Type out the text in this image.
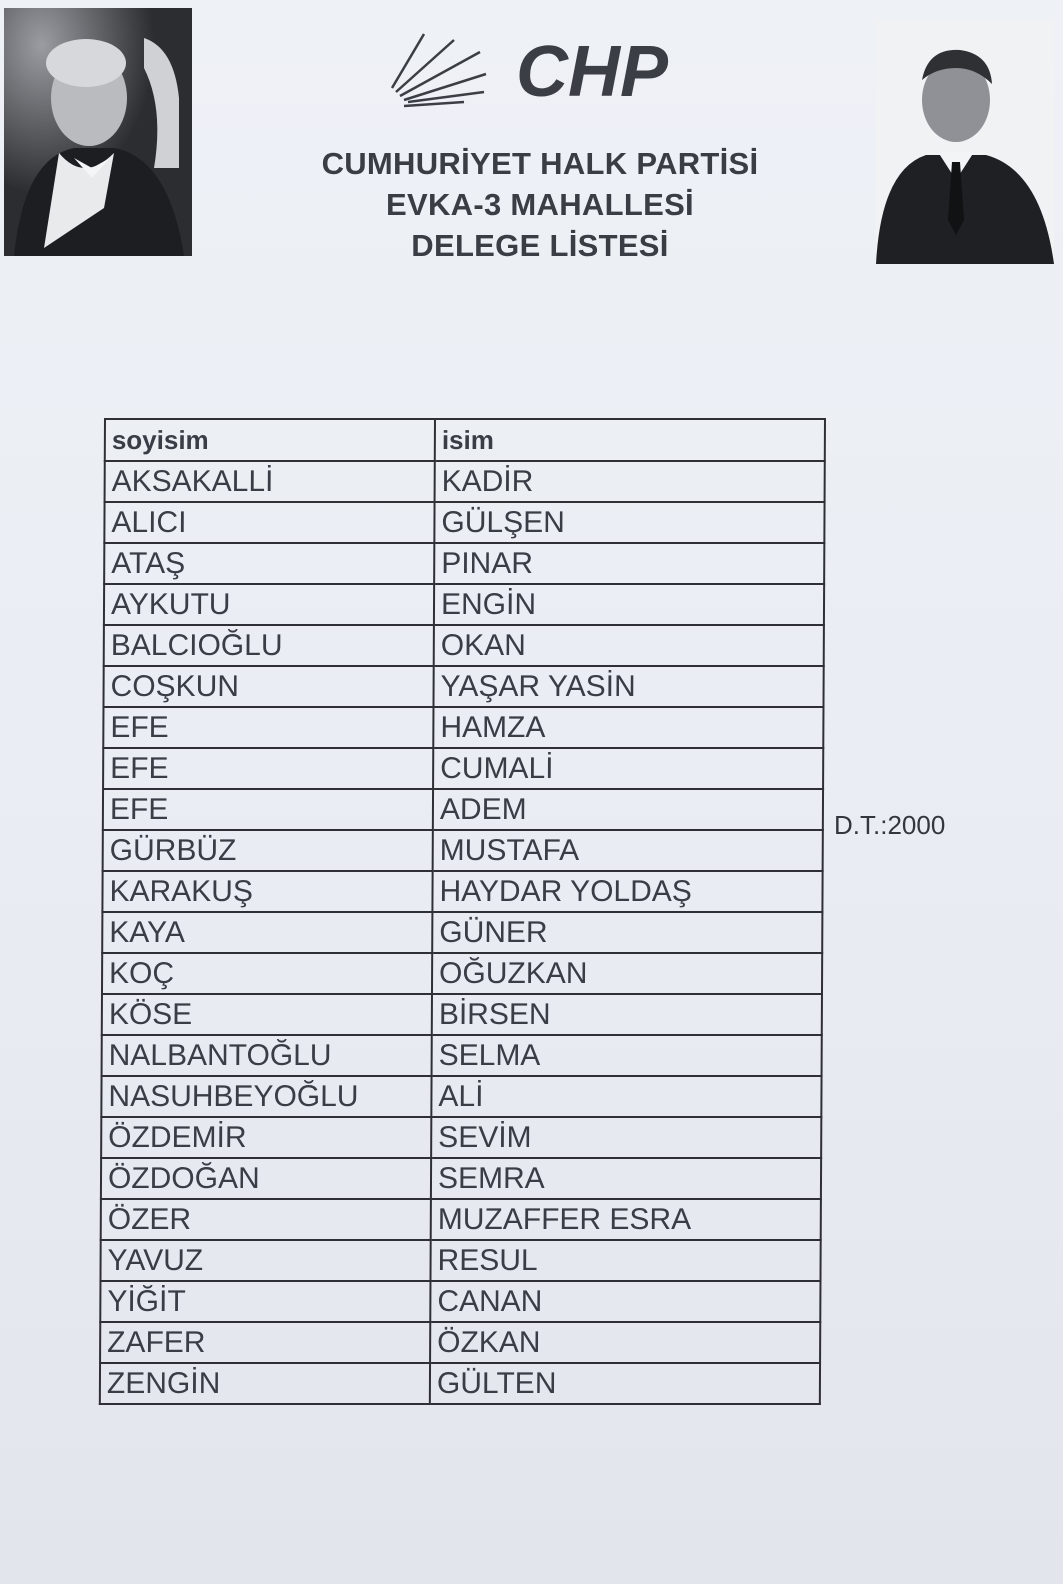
CHP
CUMHURİYET HALK PARTİSİ
EVKA-3 MAHALLESİ
DELEGE LİSTESİ
soyisim	isim
AKSAKALLİ	KADİR
ALICI	GÜLŞEN
ATAŞ	PINAR
AYKUTU	ENGİN
BALCIOĞLU	OKAN
COŞKUN	YAŞAR YASİN
EFE	HAMZA
EFE	CUMALİ
EFE	ADEM
GÜRBÜZ	MUSTAFA
KARAKUŞ	HAYDAR YOLDAŞ
KAYA	GÜNER
KOÇ	OĞUZKAN
KÖSE	BİRSEN
NALBANTOĞLU	SELMA
NASUHBEYOĞLU	ALİ
ÖZDEMİR	SEVİM
ÖZDOĞAN	SEMRA
ÖZER	MUZAFFER ESRA
YAVUZ	RESUL
YİĞİT	CANAN
ZAFER	ÖZKAN
ZENGİN	GÜLTEN
D.T.:2000
